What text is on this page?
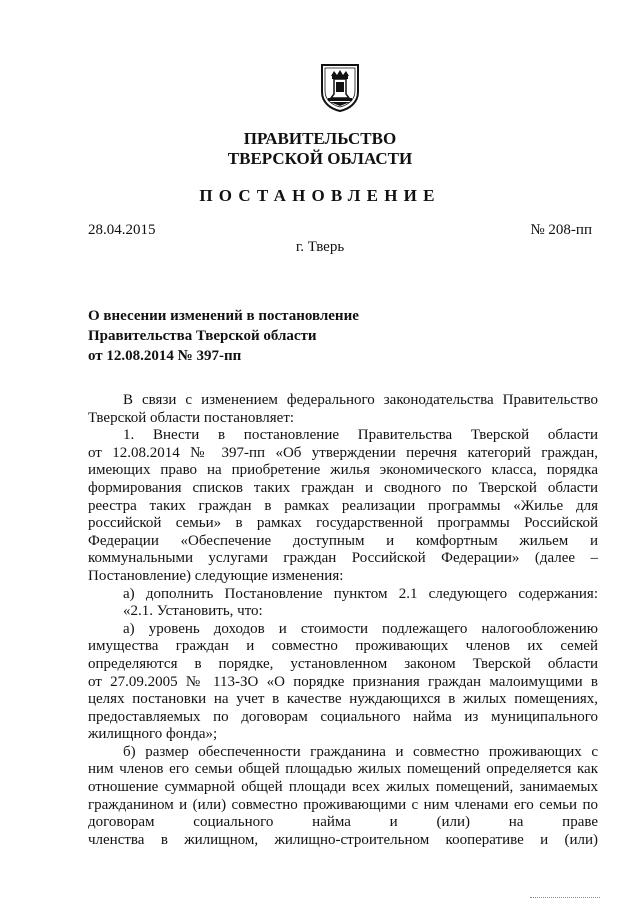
ПРАВИТЕЛЬСТВО
ТВЕРСКОЙ ОБЛАСТИ
ПОСТАНОВЛЕНИЕ
28.04.2015	№ 208-пп
г. Тверь
О внесении изменений в постановление
Правительства Тверской области
от 12.08.2014 № 397-пп
В связи с изменением федерального законодательства Правительство
Тверской области постановляет:
1. Внести в постановление Правительства Тверской области
от 12.08.2014 № 397-пп «Об утверждении перечня категорий граждан,
имеющих право на приобретение жилья экономического класса, порядка
формирования списков таких граждан и сводного по Тверской области
реестра таких граждан в рамках реализации программы «Жилье для
российской семьи» в рамках государственной программы Российской
Федерации «Обеспечение доступным и комфортным жильем и
коммунальными услугами граждан Российской Федерации» (далее –
Постановление) следующие изменения:
а) дополнить Постановление пунктом 2.1 следующего содержания:
«2.1. Установить, что:
а) уровень доходов и стоимости подлежащего налогообложению
имущества граждан и совместно проживающих членов их семей
определяются в порядке, установленном законом Тверской области
от 27.09.2005 № 113-ЗО «О порядке признания граждан малоимущими в
целях постановки на учет в качестве нуждающихся в жилых помещениях,
предоставляемых по договорам социального найма из муниципального
жилищного фонда»;
б) размер обеспеченности гражданина и совместно проживающих с
ним членов его семьи общей площадью жилых помещений определяется как
отношение суммарной общей площади всех жилых помещений, занимаемых
гражданином и (или) совместно проживающими с ним членами его семьи по
договорам социального найма и (или) на праве
членства в жилищном, жилищно-строительном кооперативе и (или)
